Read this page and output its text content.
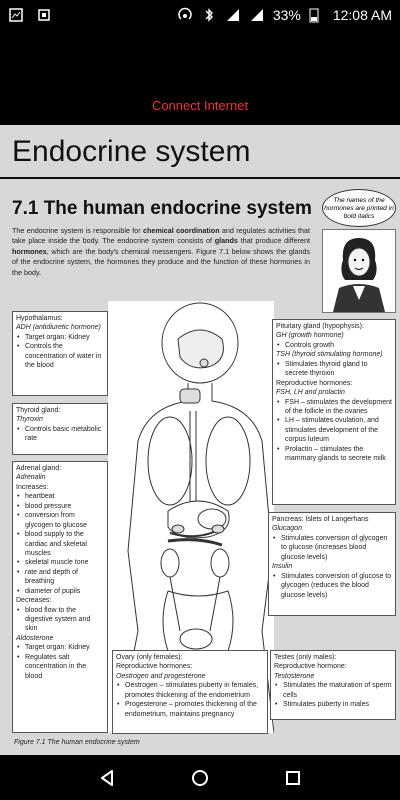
33% 12:08 AM
Connect Internet
Endocrine system
7.1 The human endocrine system
The endocrine system is responsible for chemical coordination and regulates activities that take place inside the body. The endocrine system consists of glands that produce different hormones, which are the body's chemical messengers. Figure 7.1 below shows the glands of the endocrine system, the hormones they produce and the function of these hormones in the body.
The names of the hormones are printed in bold italics
Hypothalamus:
ADH (antidiuretic hormone)
• Target organ: Kidney
• Controls the concentration of water in the blood
Thyroid gland:
Thyroxin
• Controls basic metabolic rate
Adrenal gland:
Adrenalin
Increases:
• heartbeat
• blood pressure
• conversion from glycogen to glucose
• blood supply to the cardiac and skeletal muscles
• skeletal muscle tone
• rate and depth of breathing
• diameter of pupils
Decreases:
• blood flow to the digestive system and skin
Aldosterone
• Target organ: Kidney
• Regulates salt concentration in the blood
Pituitary gland (hypophysis):
GH (growth hormone)
• Controls growth
TSH (thyroid stimulating hormone)
• Stimulates thyroid gland to secrete thyroxin
Reproductive hormones:
FSH, LH and prolactin
• FSH – stimulates the development of the follicle in the ovaries
• LH – stimulates ovulation, and stimulates development of the corpus luteum
• Prolactin – stimulates the mammary glands to secrete milk
Pancreas: Islets of Langerhans
Glucagon
• Stimulates conversion of glycogen to glucose (increases blood glucose levels)
Insulin
• Stimulates conversion of glucose to glycogen (reduces the blood glucose levels)
Testes (only males):
Reproductive hormone:
Testosterone
• Stimulates the maturation of sperm cells
• Stimulates puberty in males
Ovary (only females):
Reproductive hormones:
Oestrogen and progesterone
• Oestrogen – stimulates puberty in females, promotes thickening of the endometrium
• Progesterone – promotes thickening of the endometrium, maintains pregnancy
Figure 7.1 The human endocrine system
